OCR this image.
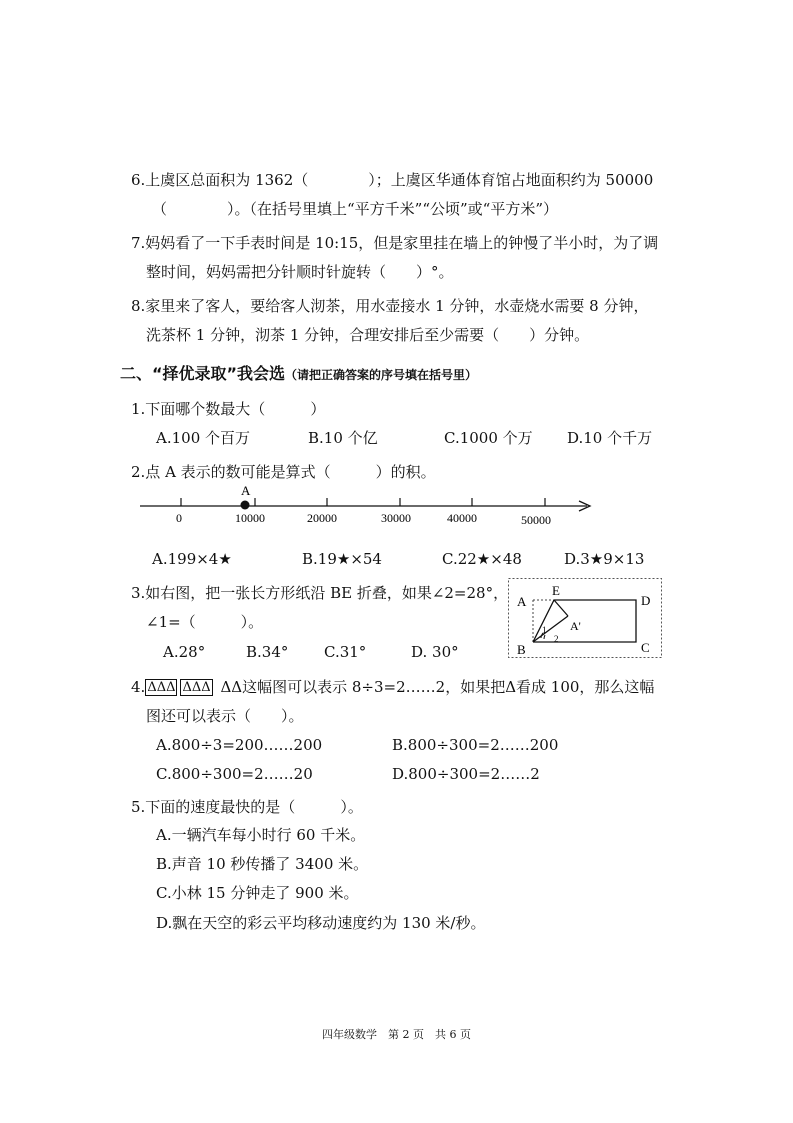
6.上虞区总面积为 1362（　　　　）；上虞区华通体育馆占地面积约为 50000
（　　　　）。（在括号里填上“平方千米”“公顷”或“平方米”）
7.妈妈看了一下手表时间是 10:15，但是家里挂在墙上的钟慢了半小时，为了调
整时间，妈妈需把分针顺时针旋转（　　）°。
8.家里来了客人，要给客人沏茶，用水壶接水 1 分钟，水壶烧水需要 8 分钟，
洗茶杯 1 分钟，沏茶 1 分钟，合理安排后至少需要（　　）分钟。
二、“择优录取”我会选（请把正确答案的序号填在括号里）
1.下面哪个数最大（　　　）
A.100 个百万	B.10 个亿	C.1000 个万 D.10 个千万
2.点 A 表示的数可能是算式（　　　）的积。
A
0	10000	20000	30000	40000	50000
A.199×4★	B.19★×54	C.22★×48	D.3★9×13
3.如右图，把一张长方形纸沿 BE 折叠，如果∠2=28°，
∠1=（　　　）。
A.28°	B.34° C.31°	D. 30°
A
E
D
B	C
A'
1
2
4. ΔΔΔ ΔΔΔ ΔΔ这幅图可以表示 8÷3=2……2，如果把Δ看成 100，那么这幅
图还可以表示（　　）。
A.800÷3=200……200	B.800÷300=2……200
C.800÷300=2……20	D.800÷300=2……2
5.下面的速度最快的是（　　　）。
A.一辆汽车每小时行 60 千米。
B.声音 10 秒传播了 3400 米。
C.小林 15 分钟走了 900 米。
D.飘在天空的彩云平均移动速度约为 130 米/秒。
四年级数学　第 2 页　共 6 页
